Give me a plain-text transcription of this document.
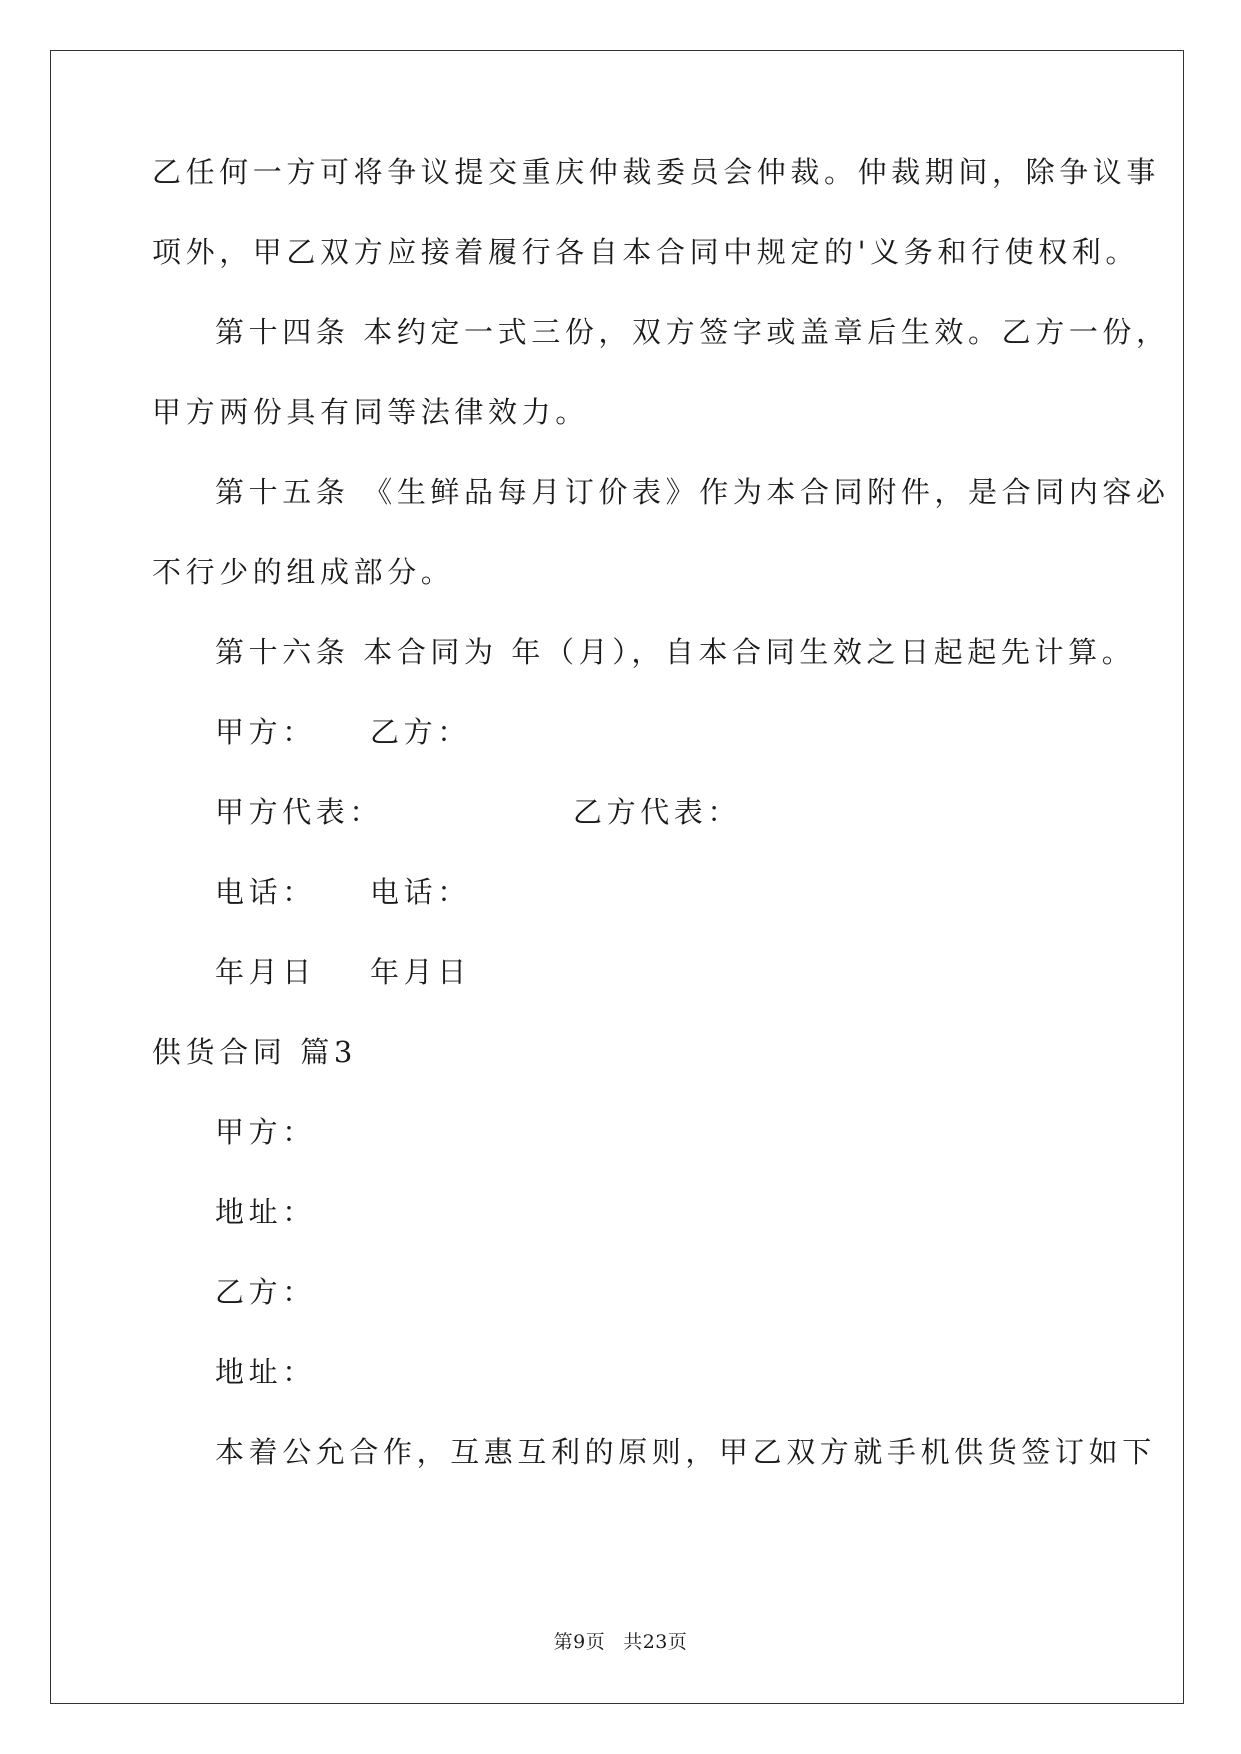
乙任何一方可将争议提交重庆仲裁委员会仲裁。仲裁期间，除争议事
项外，甲乙双方应接着履行各自本合同中规定的'义务和行使权利。
第十四条 本约定一式三份，双方签字或盖章后生效。乙方一份，
甲方两份具有同等法律效力。
第十五条 《生鲜品每月订价表》作为本合同附件，是合同内容必
不行少的组成部分。
第十六条 本合同为 年（月），自本合同生效之日起起先计算。
甲方： 乙方：
甲方代表：	乙方代表：
电话： 电话：
年月日 年月日
供货合同 篇3
甲方：
地址：
乙方：
地址：
本着公允合作，互惠互利的原则，甲乙双方就手机供货签订如下
第9页 共23页
